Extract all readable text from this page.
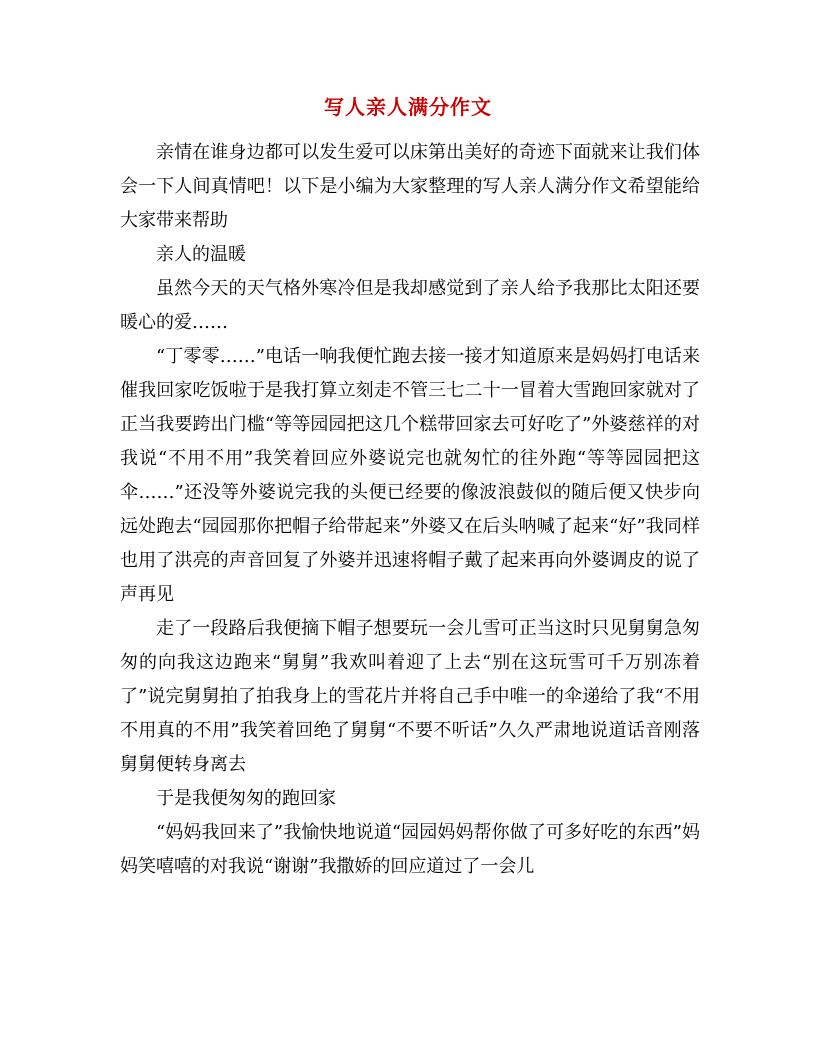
写人亲人满分作文

亲情在谁身边都可以发生爱可以床第出美好的奇迹下面就来让我们体会一下人间真情吧！以下是小编为大家整理的写人亲人满分作文希望能给大家带来帮助

亲人的温暖

虽然今天的天气格外寒冷但是我却感觉到了亲人给予我那比太阳还要暖心的爱……

“丁零零……”电话一响我便忙跑去接一接才知道原来是妈妈打电话来催我回家吃饭啦于是我打算立刻走不管三七二十一冒着大雪跑回家就对了正当我要跨出门槛“等等园园把这几个糕带回家去可好吃了”外婆慈祥的对我说“不用不用”我笑着回应外婆说完也就匆忙的往外跑“等等园园把这伞……”还没等外婆说完我的头便已经要的像波浪鼓似的随后便又快步向远处跑去“园园那你把帽子给带起来”外婆又在后头呐喊了起来“好”我同样也用了洪亮的声音回复了外婆并迅速将帽子戴了起来再向外婆调皮的说了声再见

走了一段路后我便摘下帽子想要玩一会儿雪可正当这时只见舅舅急匆匆的向我这边跑来“舅舅”我欢叫着迎了上去“别在这玩雪可千万别冻着了”说完舅舅拍了拍我身上的雪花片并将自己手中唯一的伞递给了我“不用不用真的不用”我笑着回绝了舅舅“不要不听话”久久严肃地说道话音刚落舅舅便转身离去

于是我便匆匆的跑回家

“妈妈我回来了”我愉快地说道“园园妈妈帮你做了可多好吃的东西”妈妈笑嘻嘻的对我说“谢谢”我撒娇的回应道过了一会儿
